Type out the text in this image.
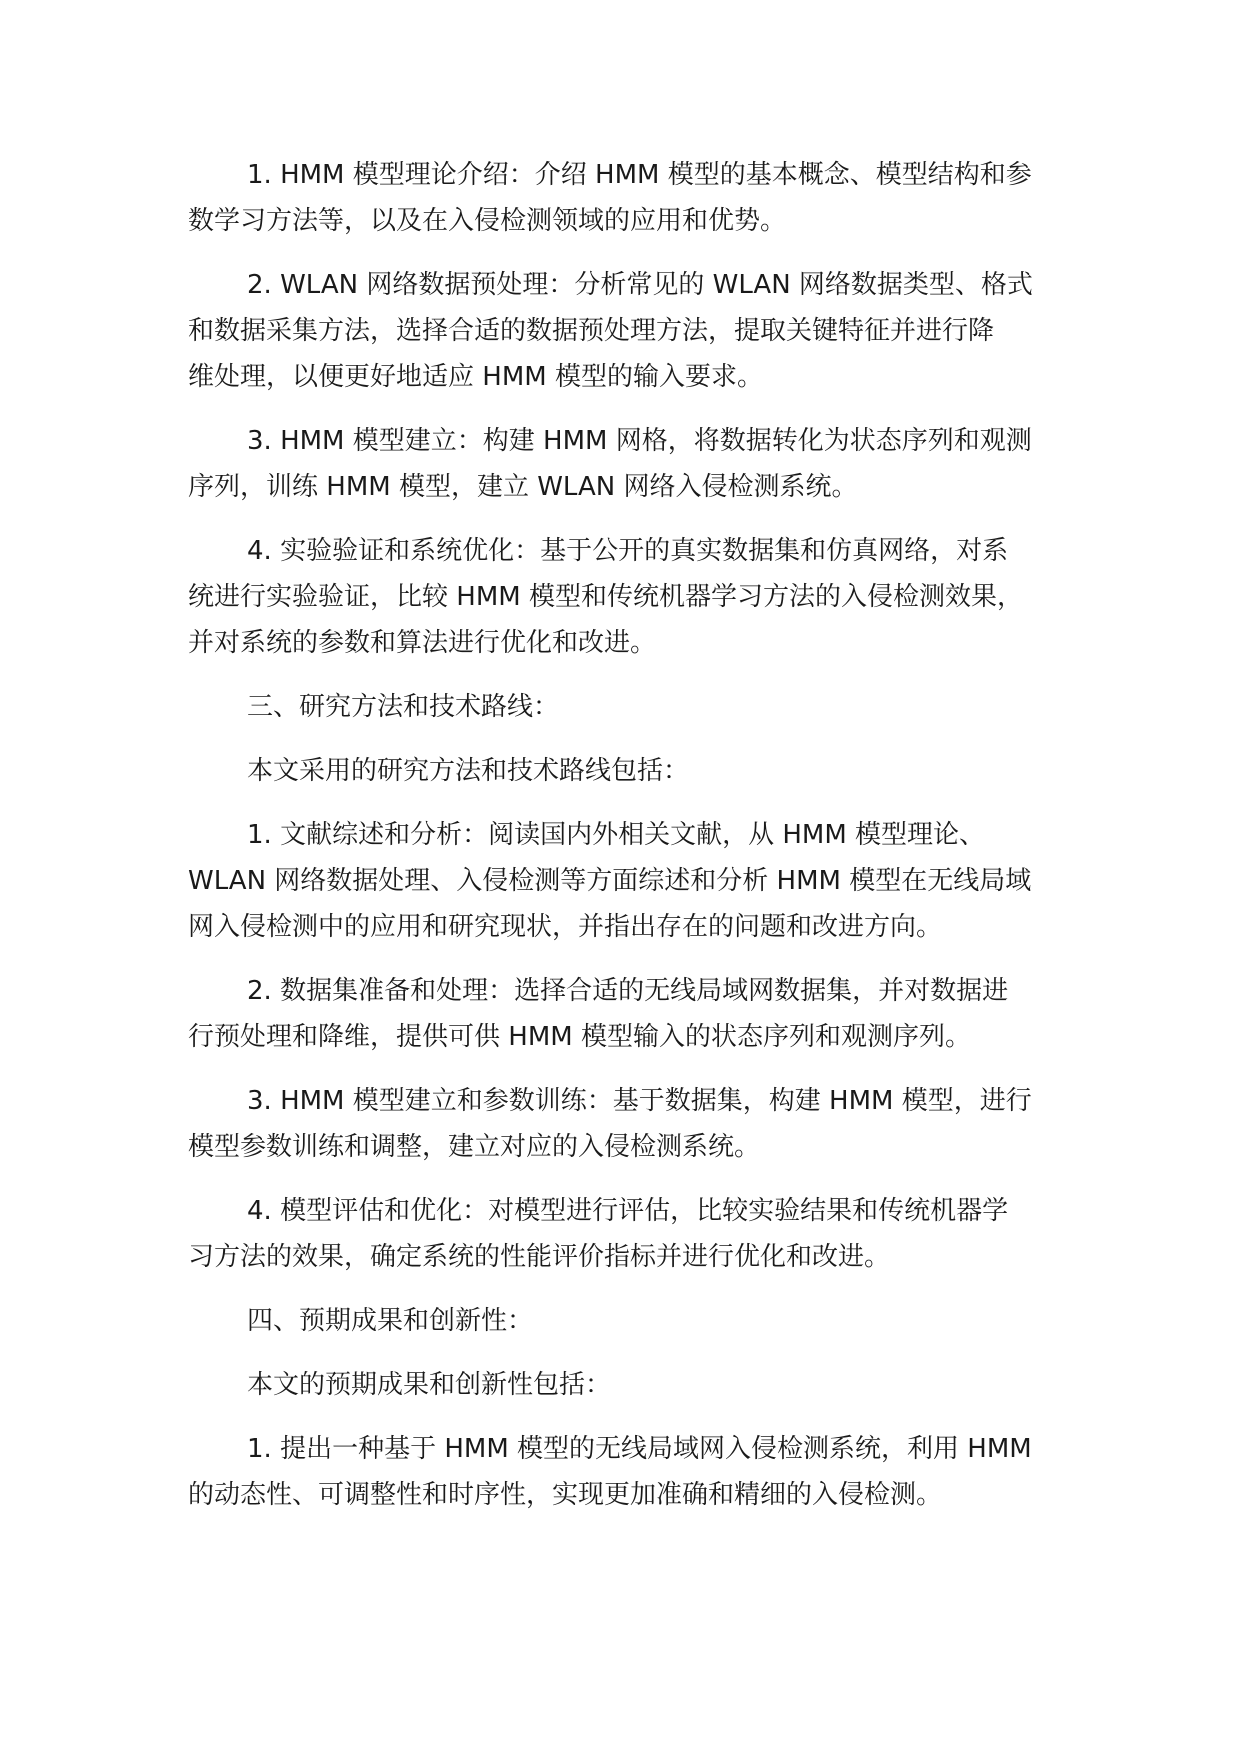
1. HMM 模型理论介绍：介绍 HMM 模型的基本概念、模型结构和参
数学习方法等，以及在入侵检测领域的应用和优势。

2. WLAN 网络数据预处理：分析常见的 WLAN 网络数据类型、格式
和数据采集方法，选择合适的数据预处理方法，提取关键特征并进行降
维处理，以便更好地适应 HMM 模型的输入要求。

3. HMM 模型建立：构建 HMM 网格，将数据转化为状态序列和观测
序列，训练 HMM 模型，建立 WLAN 网络入侵检测系统。

4. 实验验证和系统优化：基于公开的真实数据集和仿真网络，对系
统进行实验验证，比较 HMM 模型和传统机器学习方法的入侵检测效果，
并对系统的参数和算法进行优化和改进。

三、研究方法和技术路线：

本文采用的研究方法和技术路线包括：

1. 文献综述和分析：阅读国内外相关文献，从 HMM 模型理论、
WLAN 网络数据处理、入侵检测等方面综述和分析 HMM 模型在无线局域
网入侵检测中的应用和研究现状，并指出存在的问题和改进方向。

2. 数据集准备和处理：选择合适的无线局域网数据集，并对数据进
行预处理和降维，提供可供 HMM 模型输入的状态序列和观测序列。

3. HMM 模型建立和参数训练：基于数据集，构建 HMM 模型，进行
模型参数训练和调整，建立对应的入侵检测系统。

4. 模型评估和优化：对模型进行评估，比较实验结果和传统机器学
习方法的效果，确定系统的性能评价指标并进行优化和改进。

四、预期成果和创新性：

本文的预期成果和创新性包括：

1. 提出一种基于 HMM 模型的无线局域网入侵检测系统，利用 HMM
的动态性、可调整性和时序性，实现更加准确和精细的入侵检测。
